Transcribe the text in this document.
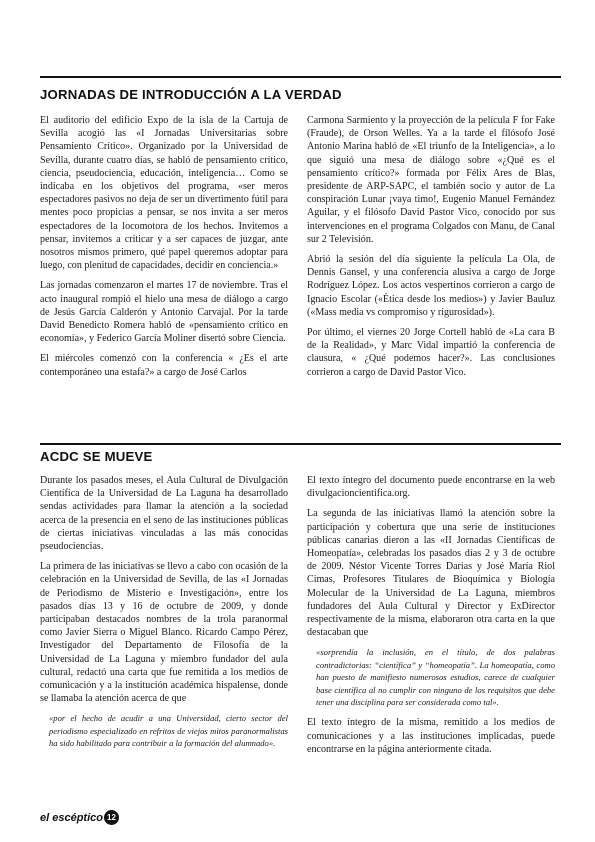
JORNADAS DE INTRODUCCIÓN A LA VERDAD

El auditorio del edificio Expo de la isla de la Cartuja de Sevilla acogió las «I Jornadas Universitarias sobre Pensamiento Crítico». Organizado por la Universidad de Sevilla, durante cuatro días, se habló de pensamiento crítico, ciencia, pseudociencia, educación, inteligencia… Como se indicaba en los objetivos del programa, «ser meros espectadores pasivos no deja de ser un divertimento fútil para mentes poco propicias a pensar, se nos invita a ser meros espectadores de la locomotora de los hechos. Invitemos a pensar, invitemos a criticar y a ser capaces de juzgar, ante nosotros mismos primero, qué papel queremos adoptar para luego, con plenitud de capacidades, decidir en conciencia.»

Las jornadas comenzaron el martes 17 de noviembre. Tras el acto inaugural rompió el hielo una mesa de diálogo a cargo de Jesús García Calderón y Antonio Carvajal. Por la tarde David Benedicto Romera habló de «pensamiento crítico en economía», y Federico García Moliner disertó sobre Ciencia.

El miércoles comenzó con la conferencia « ¿Es el arte contemporáneo una estafa?» a cargo de José Carlos

Carmona Sarmiento y la proyección de la película F for Fake (Fraude), de Orson Welles. Ya a la tarde el filósofo José Antonio Marina habló de «El triunfo de la Inteligencia», a lo que siguió una mesa de diálogo sobre «¿Qué es el pensamiento crítico?» formada por Félix Ares de Blas, presidente de ARP-SAPC, el también socio y autor de La conspiración Lunar ¡vaya timo!, Eugenio Manuel Fernández Aguilar, y el filósofo David Pastor Vico, conocido por sus intervenciones en el programa Colgados con Manu, de Canal sur 2 Televisión.

Abrió la sesión del día siguiente la película La Ola, de Dennis Gansel, y una conferencia alusiva a cargo de Jorge Rodríguez López. Los actos vespertinos corrieron a cargo de Ignacio Escolar («Ética desde los medios») y Javier Bauluz («Mass media vs compromiso y rigurosidad»).

Por último, el viernes 20 Jorge Cortell habló de «La cara B de la Realidad», y Marc Vidal impartió la conferencia de clausura, « ¿Qué podemos hacer?». Las conclusiones corrieron a cargo de David Pastor Vico.

ACDC SE MUEVE

Durante los pasados meses, el Aula Cultural de Divulgación Científica de la Universidad de La Laguna ha desarrollado sendas actividades para llamar la atención a la sociedad acerca de la presencia en el seno de las instituciones públicas de ciertas iniciativas vinculadas a las más conocidas pseudociencias.

La primera de las iniciativas se llevo a cabo con ocasión de la celebración en la Universidad de Sevilla, de las «I Jornadas de Periodismo de Misterio e Investigación», entre los pasados días 13 y 16 de octubre de 2009, y donde participaban destacados nombres de la trola paranormal como Javier Sierra o Miguel Blanco. Ricardo Campo Pérez, Investigador del Departamento de Filosofía de la Universidad de La Laguna y miembro fundador del aula cultural, redactó una carta que fue remitida a los medios de comunicación y a la institución académica hispalense, donde se llamaba la atención acerca de que

«por el hecho de acudir a una Universidad, cierto sector del periodismo especializado en refritos de viejos mitos paranormalistas ha sido habilitado para contribuir a la formación del alumnado».

El texto íntegro del documento puede encontrarse en la web divulgacioncientifica.org.

La segunda de las iniciativas llamó la atención sobre la participación y cobertura que una serie de instituciones públicas canarias dieron a las «II Jornadas Científicas de Homeopatía», celebradas los pasados días 2 y 3 de octubre de 2009. Néstor Vicente Torres Darias y José María Riol Cimas, Profesores Titulares de Bioquímica y Biología Molecular de la Universidad de La Laguna, miembros fundadores del Aula Cultural y Director y ExDirector respectivamente de la misma, elaboraron otra carta en la que destacaban que

«sorprendía la inclusión, en el título, de dos palabras contradictorias: “científica” y “homeopatía”. La homeopatía, como han puesto de manifiesto numerosos estudios, carece de cualquier base científica al no cumplir con ninguno de los requisitos que debe tener una disciplina para ser considerada como tal».

El texto íntegro de la misma, remitido a los medios de comunicaciones y a las instituciones implicadas, puede encontrarse en la página anteriormente citada.

el escéptico 12
